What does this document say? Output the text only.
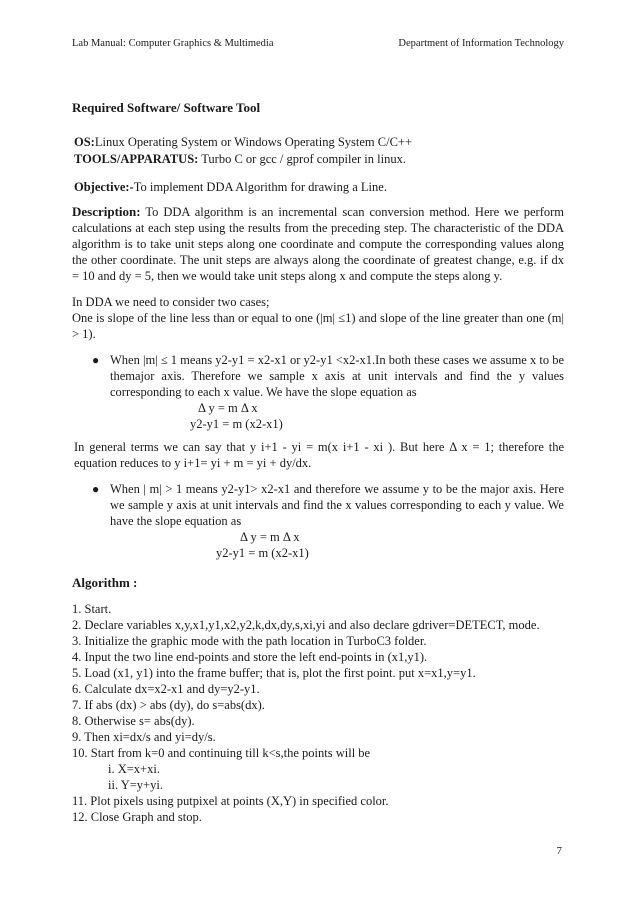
Lab Manual: Computer Graphics & Multimedia	Department of Information Technology
Required Software/ Software Tool
OS:Linux Operating System or Windows Operating System C/C++
TOOLS/APPARATUS: Turbo C or gcc / gprof compiler in linux.
Objective:-To implement DDA Algorithm for drawing a Line.
Description: To DDA algorithm is an incremental scan conversion method. Here we perform calculations at each step using the results from the preceding step. The characteristic of the DDA algorithm is to take unit steps along one coordinate and compute the corresponding values along the other coordinate. The unit steps are always along the coordinate of greatest change, e.g. if dx = 10 and dy = 5, then we would take unit steps along x and compute the steps along y.
In DDA we need to consider two cases;
One is slope of the line less than or equal to one (|m| ≤1) and slope of the line greater than one (m| > 1).
● When |m| ≤ 1 means y2-y1 = x2-x1 or y2-y1 <x2-x1.In both these cases we assume x to be themajor axis. Therefore we sample x axis at unit intervals and find the y values corresponding to each x value. We have the slope equation as
Δ y = m Δ x
y2-y1 = m (x2-x1)
In general terms we can say that y i+1 - yi = m(x i+1 - xi ). But here Δ x = 1; therefore the equation reduces to y i+1= yi + m = yi + dy/dx.
● When | m| > 1 means y2-y1> x2-x1 and therefore we assume y to be the major axis. Here we sample y axis at unit intervals and find the x values corresponding to each y value. We have the slope equation as
Δ y = m Δ x
y2-y1 = m (x2-x1)
Algorithm :
1. Start.
2. Declare variables x,y,x1,y1,x2,y2,k,dx,dy,s,xi,yi and also declare gdriver=DETECT, mode.
3. Initialize the graphic mode with the path location in TurboC3 folder.
4. Input the two line end-points and store the left end-points in (x1,y1).
5. Load (x1, y1) into the frame buffer; that is, plot the first point. put x=x1,y=y1.
6. Calculate dx=x2-x1 and dy=y2-y1.
7. If abs (dx) > abs (dy), do s=abs(dx).
8. Otherwise s= abs(dy).
9. Then xi=dx/s and yi=dy/s.
10. Start from k=0 and continuing till k<s,the points will be
i. X=x+xi.
ii. Y=y+yi.
11. Plot pixels using putpixel at points (X,Y) in specified color.
12. Close Graph and stop.
7
